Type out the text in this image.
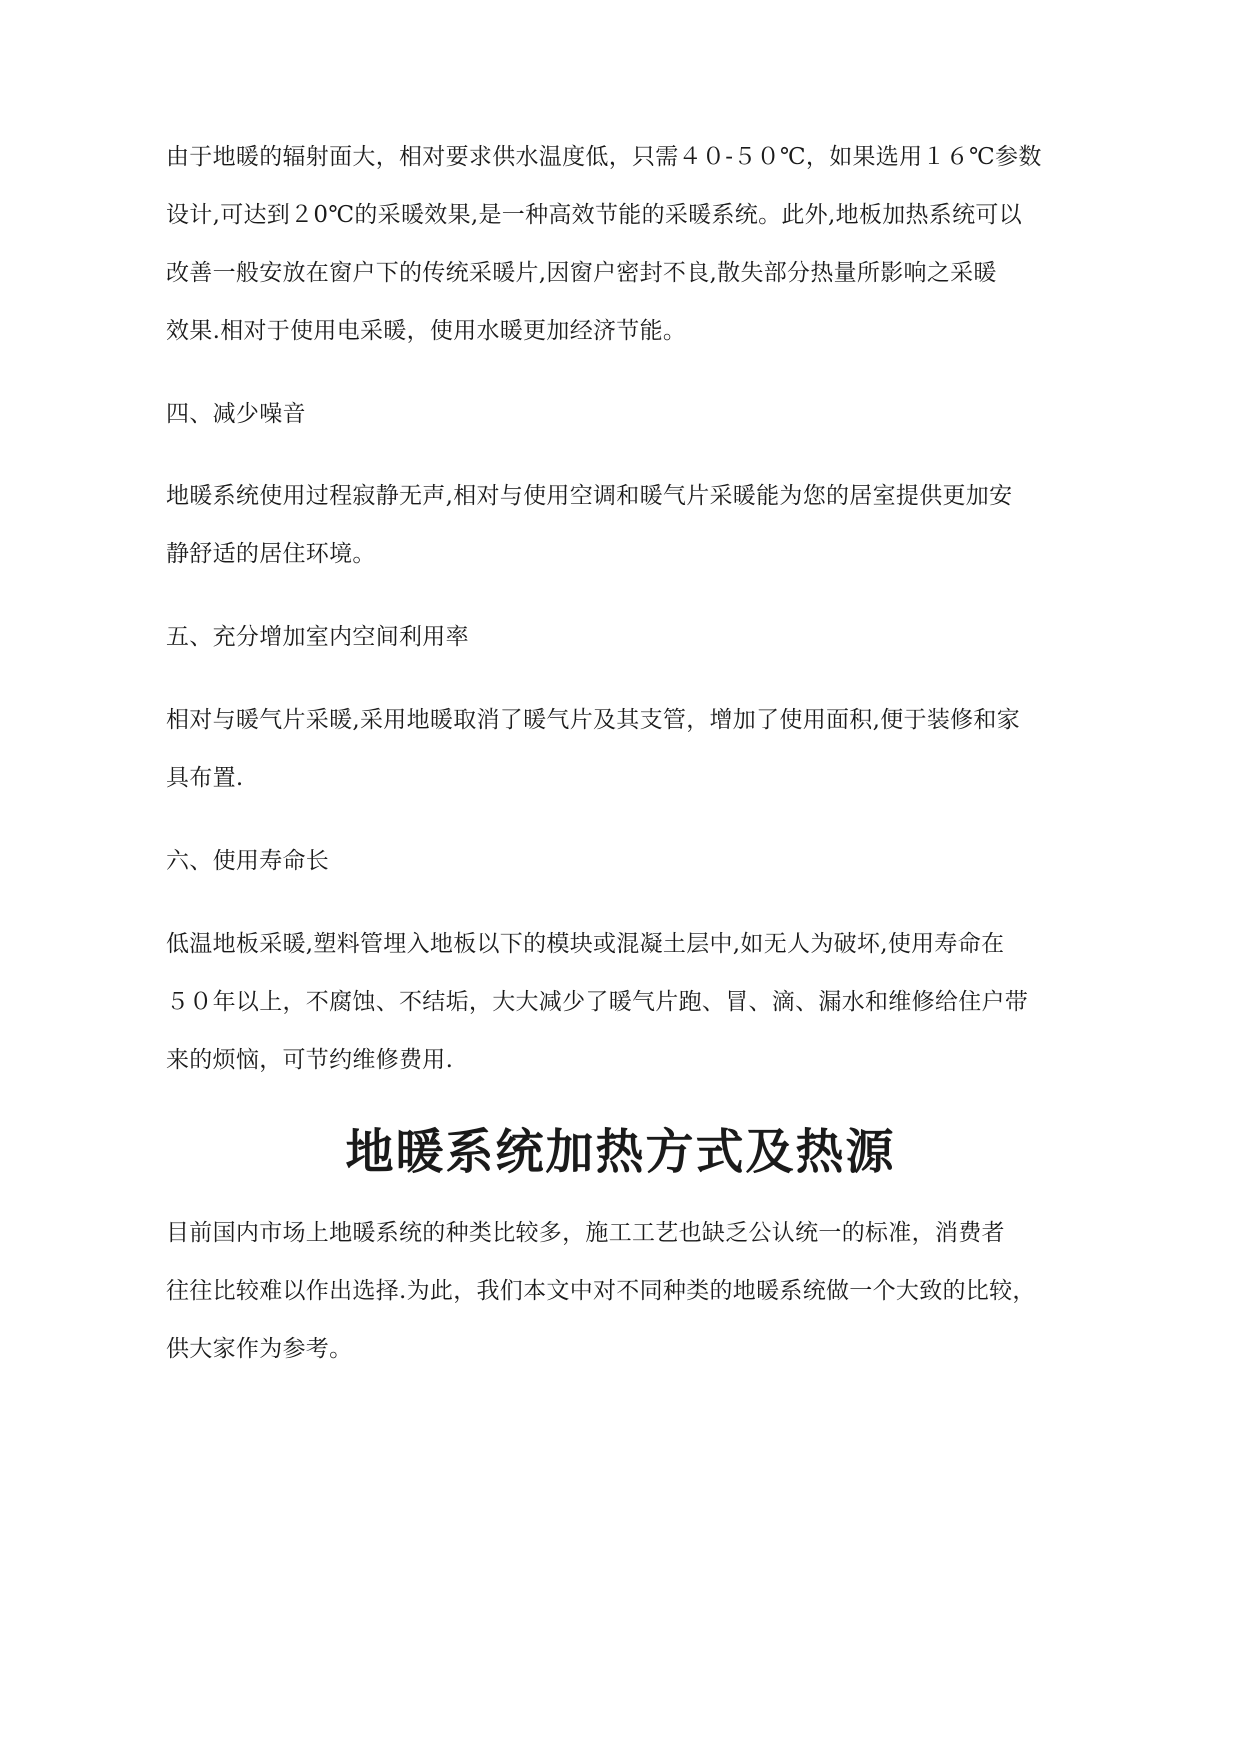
由于地暖的辐射面大，相对要求供水温度低，只需４０-５０℃，如果选用１６℃参数
设计,可达到２0℃的采暖效果,是一种高效节能的采暖系统。此外,地板加热系统可以
改善一般安放在窗户下的传统采暖片,因窗户密封不良,散失部分热量所影响之采暖
效果.相对于使用电采暖，使用水暖更加经济节能。
四、减少噪音
地暖系统使用过程寂静无声,相对与使用空调和暖气片采暖能为您的居室提供更加安
静舒适的居住环境。
五、充分增加室内空间利用率
相对与暖气片采暖,采用地暖取消了暖气片及其支管，增加了使用面积,便于装修和家
具布置.
六、使用寿命长
低温地板采暖,塑料管埋入地板以下的模块或混凝土层中,如无人为破坏,使用寿命在
５０年以上，不腐蚀、不结垢，大大减少了暖气片跑、冒、滴、漏水和维修给住户带
来的烦恼，可节约维修费用.
地暖系统加热方式及热源
目前国内市场上地暖系统的种类比较多，施工工艺也缺乏公认统一的标准，消费者
往往比较难以作出选择.为此，我们本文中对不同种类的地暖系统做一个大致的比较，
供大家作为参考。
